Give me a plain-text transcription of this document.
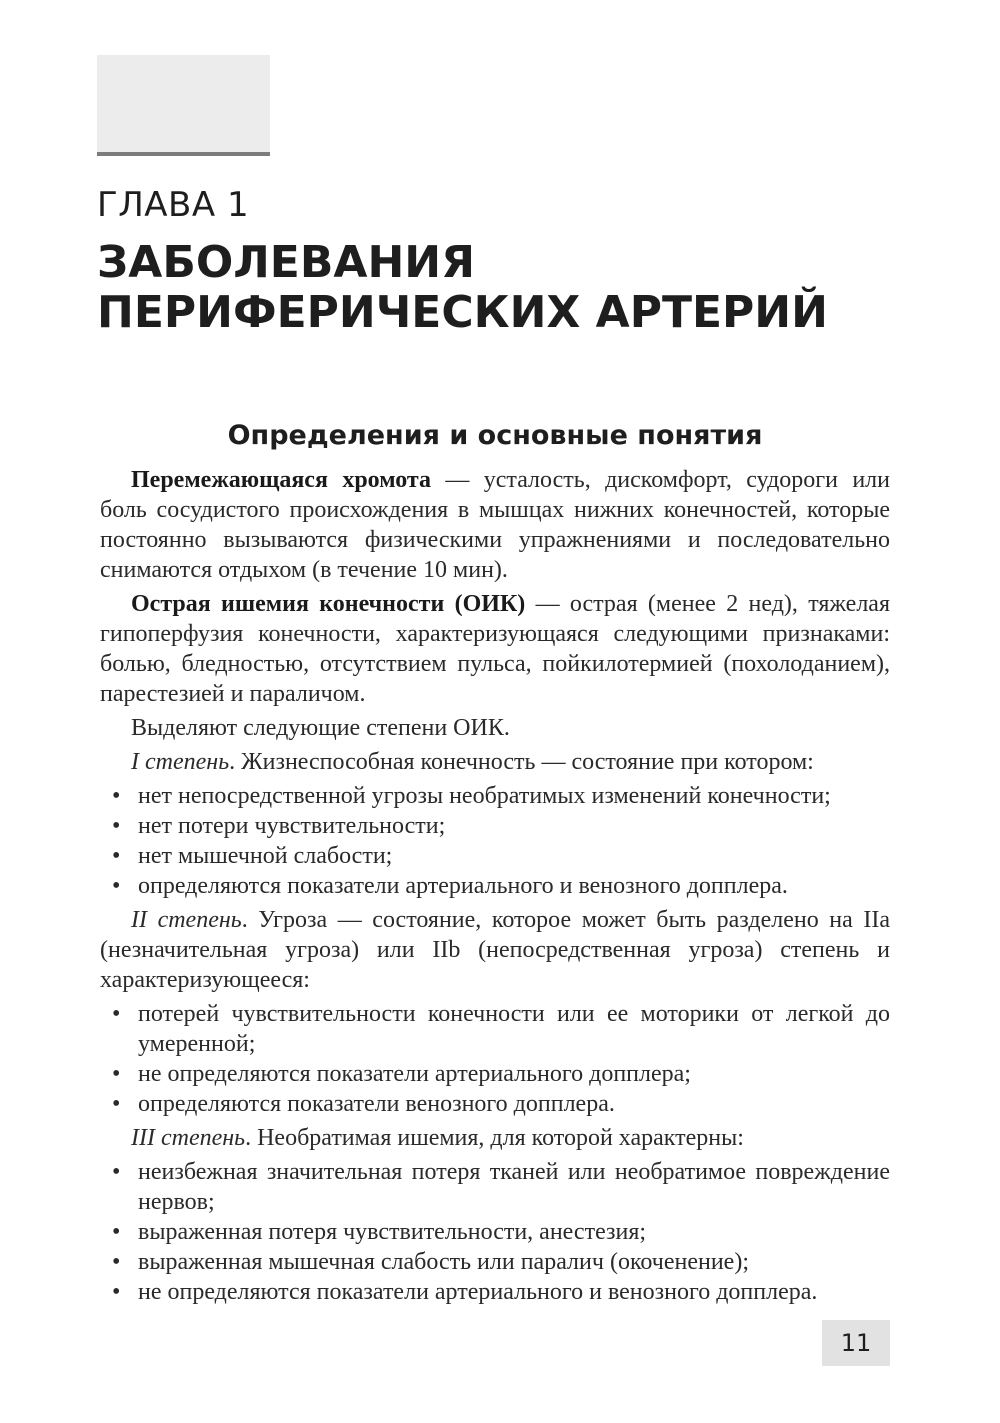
ГЛАВА 1
ЗАБОЛЕВАНИЯ
ПЕРИФЕРИЧЕСКИХ АРТЕРИЙ
Определения и основные понятия

Перемежающаяся хромота — усталость, дискомфорт, судороги или боль сосудистого происхождения в мышцах нижних конечностей, которые постоянно вызываются физическими упражнениями и последовательно снимаются отдыхом (в течение 10 мин).

Острая ишемия конечности (ОИК) — острая (менее 2 нед), тяжелая гипоперфузия конечности, характеризующаяся следующими признаками: болью, бледностью, отсутствием пульса, пойкилотермией (похолоданием), парестезией и параличом.

Выделяют следующие степени ОИК.

I степень. Жизнеспособная конечность — состояние при котором:

• нет непосредственной угрозы необратимых изменений конечности;
• нет потери чувствительности;
• нет мышечной слабости;
• определяются показатели артериального и венозного допплера.

II степень. Угроза — состояние, которое может быть разделено на IIa (незначительная угроза) или IIb (непосредственная угроза) степень и характеризующееся:

• потерей чувствительности конечности или ее моторики от легкой до умеренной;
• не определяются показатели артериального допплера;
• определяются показатели венозного допплера.

III степень. Необратимая ишемия, для которой характерны:

• неизбежная значительная потеря тканей или необратимое повреждение нервов;
• выраженная потеря чувствительности, анестезия;
• выраженная мышечная слабость или паралич (окоченение);
• не определяются показатели артериального и венозного допплера.
11
